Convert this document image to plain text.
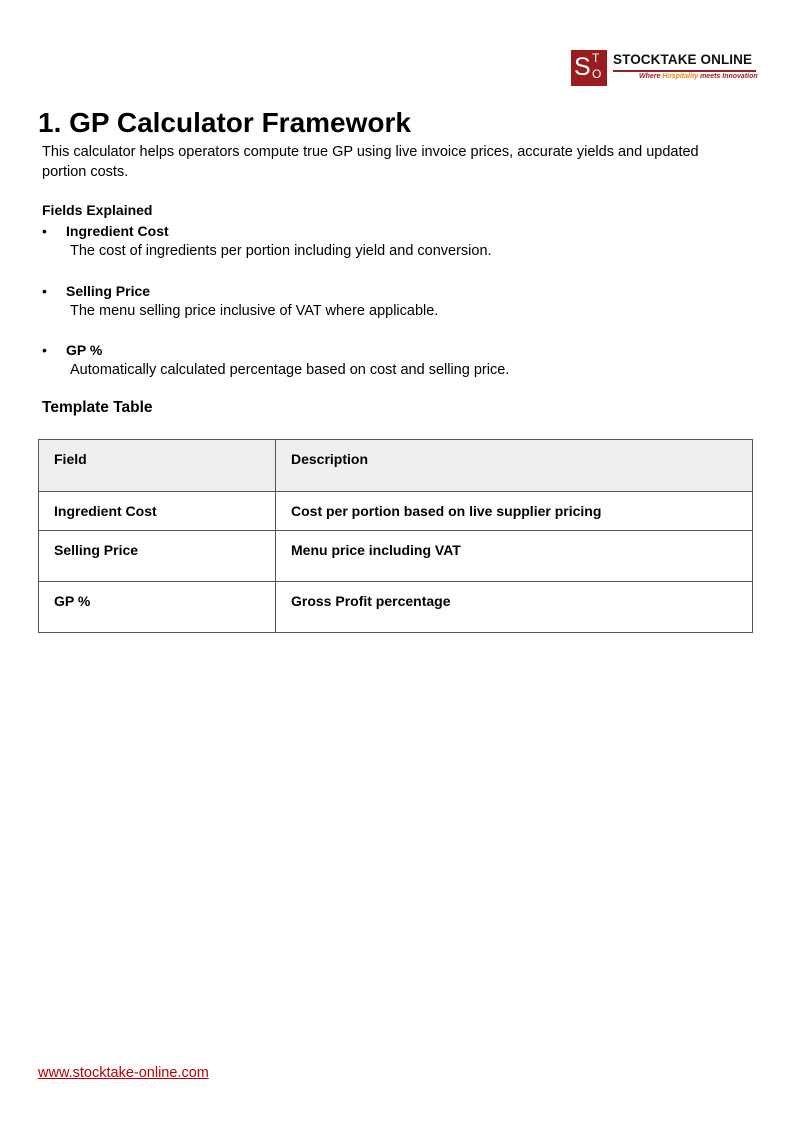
S T
O
STOCKTAKE ONLINE
Where Hospitality meets Innovation
1. GP Calculator Framework

This calculator helps operators compute true GP using live invoice prices, accurate yields and updated portion costs.

Fields Explained
• Ingredient Cost
The cost of ingredients per portion including yield and conversion.
• Selling Price
The menu selling price inclusive of VAT where applicable.
• GP %
Automatically calculated percentage based on cost and selling price.
Template Table
Field	Description
Ingredient Cost	Cost per portion based on live supplier pricing
Selling Price	Menu price including VAT
GP %	Gross Profit percentage
www.stocktake-online.com
